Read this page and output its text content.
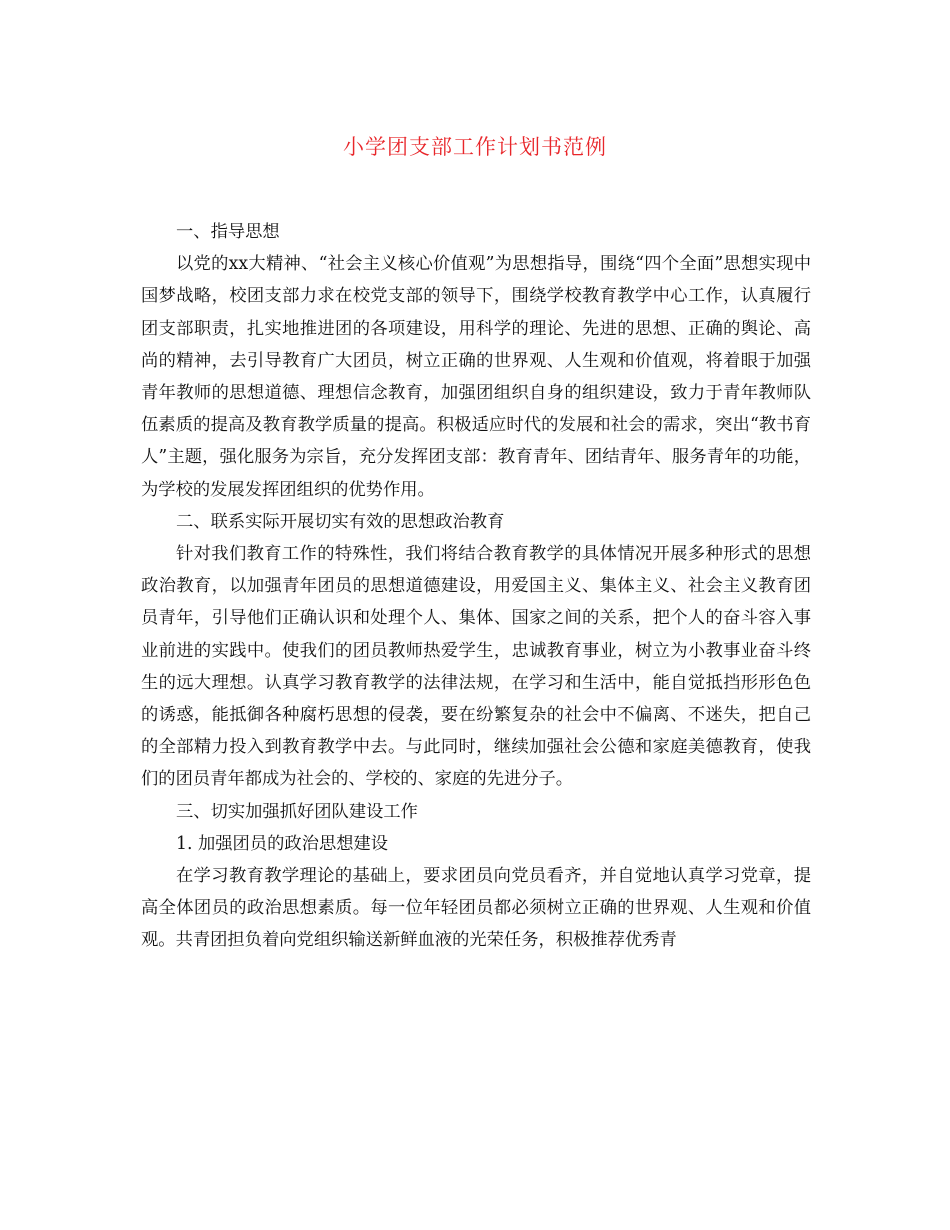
小学团支部工作计划书范例

一、指导思想

以党的xx大精神、“社会主义核心价值观”为思想指导，围绕“四个全面”思想实现中国梦战略，校团支部力求在校党支部的领导下，围绕学校教育教学中心工作，认真履行团支部职责，扎实地推进团的各项建设，用科学的理论、先进的思想、正确的舆论、高尚的精神，去引导教育广大团员，树立正确的世界观、人生观和价值观，将着眼于加强青年教师的思想道德、理想信念教育，加强团组织自身的组织建设，致力于青年教师队伍素质的提高及教育教学质量的提高。积极适应时代的发展和社会的需求，突出“教书育人”主题，强化服务为宗旨，充分发挥团支部：教育青年、团结青年、服务青年的功能，为学校的发展发挥团组织的优势作用。

二、联系实际开展切实有效的思想政治教育

针对我们教育工作的特殊性，我们将结合教育教学的具体情况开展多种形式的思想政治教育，以加强青年团员的思想道德建设，用爱国主义、集体主义、社会主义教育团员青年，引导他们正确认识和处理个人、集体、国家之间的关系，把个人的奋斗容入事业前进的实践中。使我们的团员教师热爱学生，忠诚教育事业，树立为小教事业奋斗终生的远大理想。认真学习教育教学的法律法规，在学习和生活中，能自觉抵挡形形色色的诱惑，能抵御各种腐朽思想的侵袭，要在纷繁复杂的社会中不偏离、不迷失，把自己的全部精力投入到教育教学中去。与此同时，继续加强社会公德和家庭美德教育，使我们的团员青年都成为社会的、学校的、家庭的先进分子。

三、切实加强抓好团队建设工作

1. 加强团员的政治思想建设

在学习教育教学理论的基础上，要求团员向党员看齐，并自觉地认真学习党章，提高全体团员的政治思想素质。每一位年轻团员都必须树立正确的世界观、人生观和价值观。共青团担负着向党组织输送新鲜血液的光荣任务，积极推荐优秀青
